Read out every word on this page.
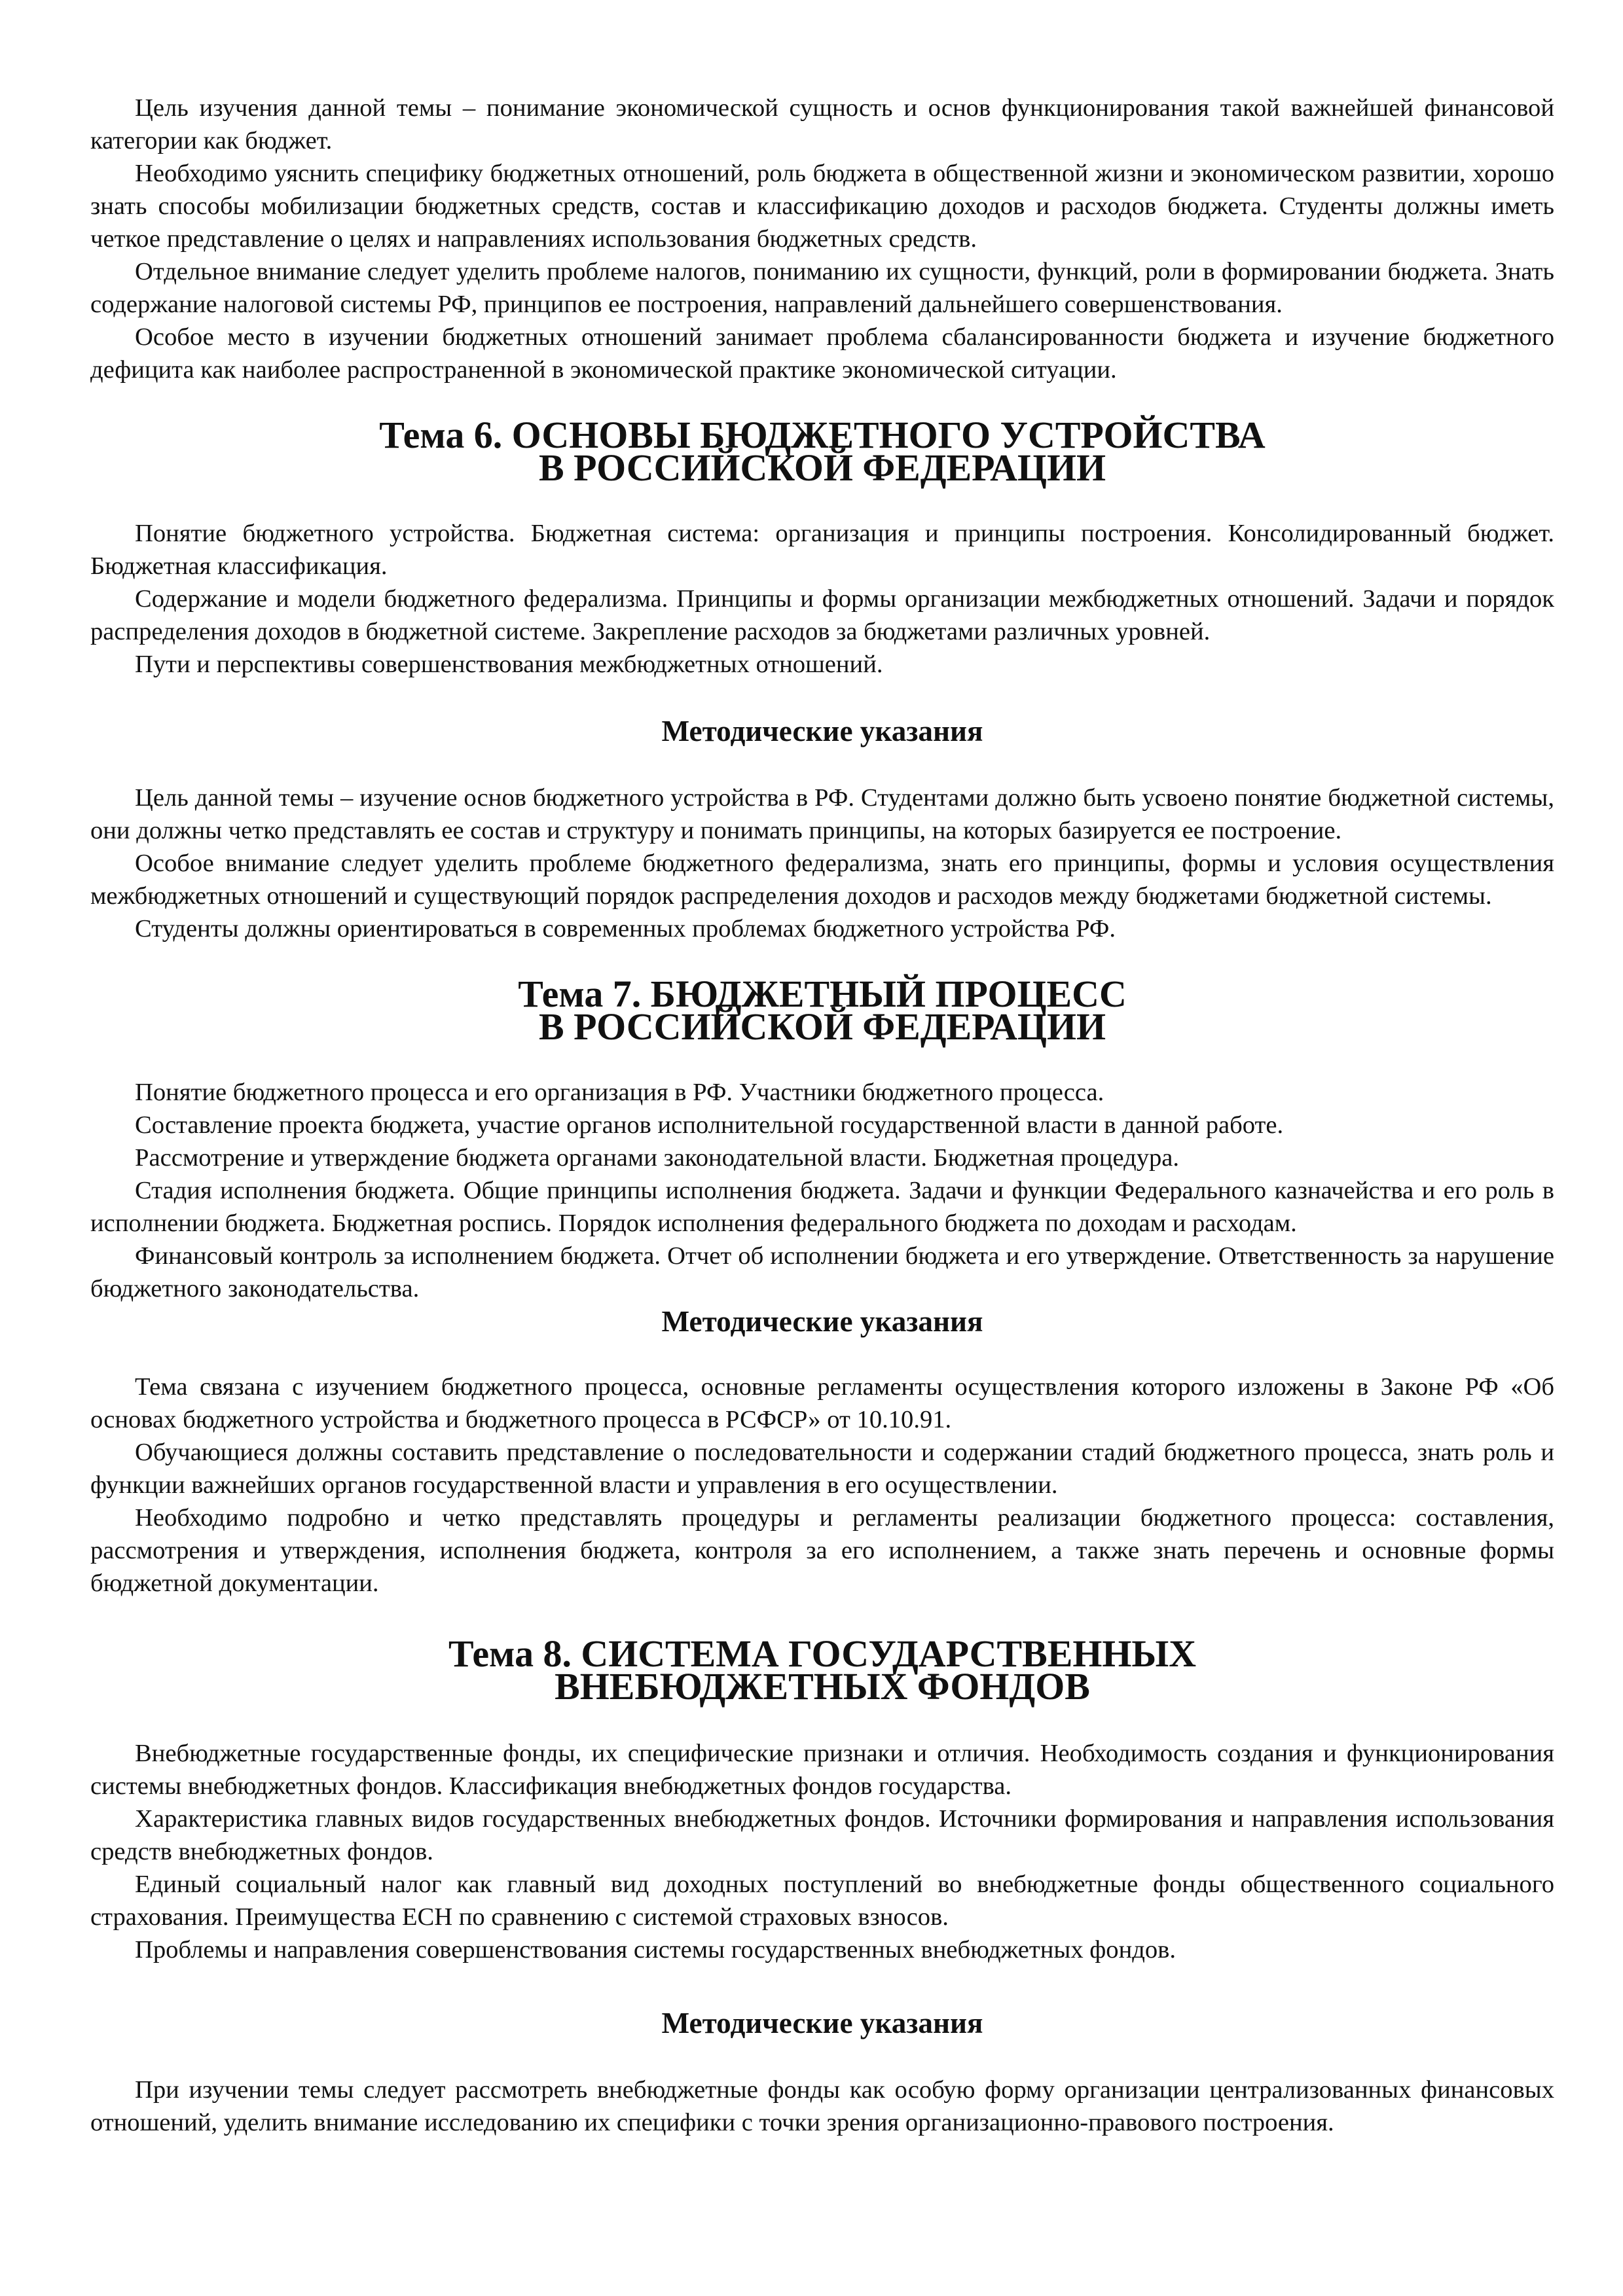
Цель изучения данной темы – понимание экономической сущность и основ функционирования такой важнейшей финансовой категории как бюджет.

Необходимо уяснить специфику бюджетных отношений, роль бюджета в общественной жизни и экономическом развитии, хорошо знать способы мобилизации бюджетных средств, состав и классификацию доходов и расходов бюджета. Студенты должны иметь четкое представление о целях и направлениях использования бюджетных средств.

Отдельное внимание следует уделить проблеме налогов, пониманию их сущности, функций, роли в формировании бюджета. Знать содержание налоговой системы РФ, принципов ее построения, направлений дальнейшего совершенствования.

Особое место в изучении бюджетных отношений занимает проблема сбалансированности бюджета и изучение бюджетного дефицита как наиболее распространенной в экономической практике экономической ситуации.

Тема 6. ОСНОВЫ БЮДЖЕТНОГО УСТРОЙСТВА
В РОССИЙСКОЙ ФЕДЕРАЦИИ

Понятие бюджетного устройства. Бюджетная система: организация и принципы построения. Консолидированный бюджет. Бюджетная классификация.

Содержание и модели бюджетного федерализма. Принципы и формы организации межбюджетных отношений. Задачи и порядок распределения доходов в бюджетной системе. Закрепление расходов за бюджетами различных уровней.

Пути и перспективы совершенствования межбюджетных отношений.

Методические указания

Цель данной темы – изучение основ бюджетного устройства в РФ. Студентами должно быть усвоено понятие бюджетной системы, они должны четко представлять ее состав и структуру и понимать принципы, на которых базируется ее построение.

Особое внимание следует уделить проблеме бюджетного федерализма, знать его принципы, формы и условия осуществления межбюджетных отношений и существующий порядок распределения доходов и расходов между бюджетами бюджетной системы.

Студенты должны ориентироваться в современных проблемах бюджетного устройства РФ.

Тема 7. БЮДЖЕТНЫЙ ПРОЦЕСС
В РОССИЙСКОЙ ФЕДЕРАЦИИ

Понятие бюджетного процесса и его организация в РФ. Участники бюджетного процесса.

Составление проекта бюджета, участие органов исполнительной государственной власти в данной работе.

Рассмотрение и утверждение бюджета органами законодательной власти. Бюджетная процедура.

Стадия исполнения бюджета. Общие принципы исполнения бюджета. Задачи и функции Федерального казначейства и его роль в исполнении бюджета. Бюджетная роспись. Порядок исполнения федерального бюджета по доходам и расходам.

Финансовый контроль за исполнением бюджета. Отчет об исполнении бюджета и его утверждение. Ответственность за нарушение бюджетного законодательства.

Методические указания

Тема связана с изучением бюджетного процесса, основные регламенты осуществления которого изложены в Законе РФ «Об основах бюджетного устройства и бюджетного процесса в РСФСР» от 10.10.91.

Обучающиеся должны составить представление о последовательности и содержании стадий бюджетного процесса, знать роль и функции важнейших органов государственной власти и управления в его осуществлении.

Необходимо подробно и четко представлять процедуры и регламенты реализации бюджетного процесса: составления, рассмотрения и утверждения, исполнения бюджета, контроля за его исполнением, а также знать перечень и основные формы бюджетной документации.

Тема 8. СИСТЕМА ГОСУДАРСТВЕННЫХ
ВНЕБЮДЖЕТНЫХ ФОНДОВ

Внебюджетные государственные фонды, их специфические признаки и отличия. Необходимость создания и функционирования системы внебюджетных фондов. Классификация внебюджетных фондов государства.

Характеристика главных видов государственных внебюджетных фондов. Источники формирования и направления использования средств внебюджетных фондов.

Единый социальный налог как главный вид доходных поступлений во внебюджетные фонды общественного социального страхования. Преимущества ЕСН по сравнению с системой страховых взносов.

Проблемы и направления совершенствования системы государственных внебюджетных фондов.

Методические указания

При изучении темы следует рассмотреть внебюджетные фонды как особую форму организации централизованных финансовых отношений, уделить внимание исследованию их специфики с точки зрения организационно-правового построения.
